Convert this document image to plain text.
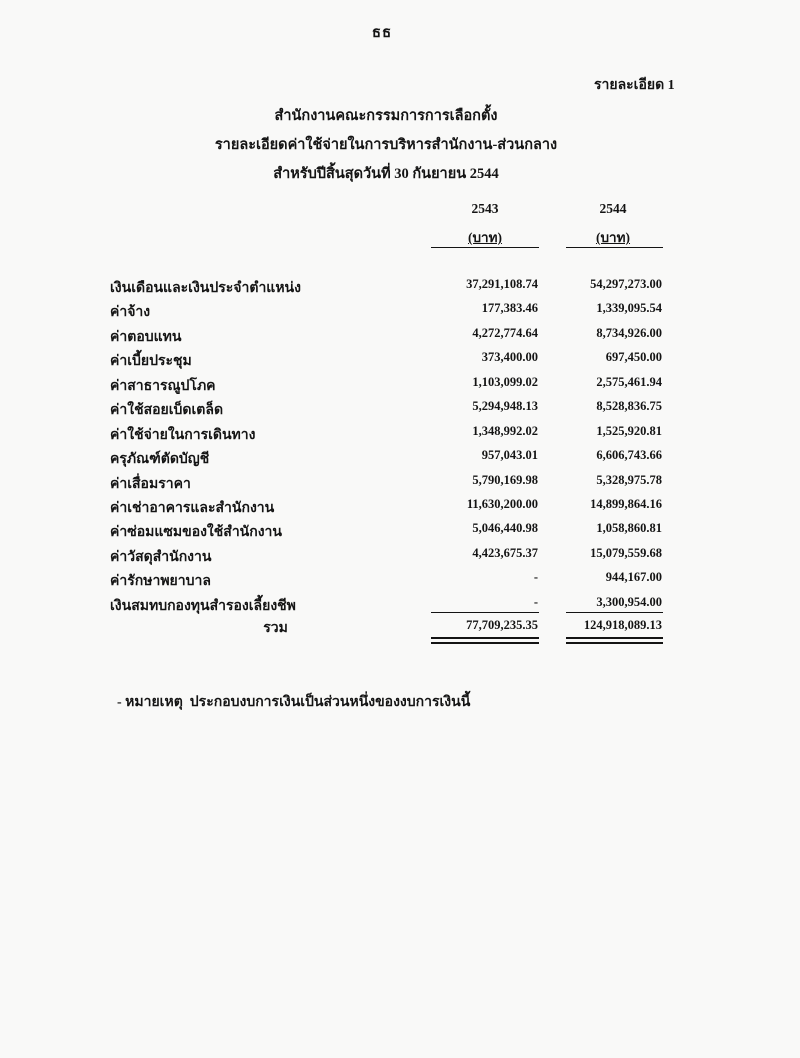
ธธ
รายละเอียด 1
สำนักงานคณะกรรมการการเลือกตั้ง
รายละเอียดค่าใช้จ่ายในการบริหารสำนักงาน-ส่วนกลาง
สำหรับปีสิ้นสุดวันที่ 30 กันยายน 2544
2543	2544
(บาท)	(บาท)
เงินเดือนและเงินประจำตำแหน่ง	37,291,108.74	54,297,273.00
ค่าจ้าง	177,383.46	1,339,095.54
ค่าตอบแทน	4,272,774.64	8,734,926.00
ค่าเบี้ยประชุม	373,400.00	697,450.00
ค่าสาธารณูปโภค	1,103,099.02	2,575,461.94
ค่าใช้สอยเบ็ดเตล็ด	5,294,948.13	8,528,836.75
ค่าใช้จ่ายในการเดินทาง	1,348,992.02	1,525,920.81
ครุภัณฑ์ตัดบัญชี	957,043.01	6,606,743.66
ค่าเสื่อมราคา	5,790,169.98	5,328,975.78
ค่าเช่าอาคารและสำนักงาน	11,630,200.00	14,899,864.16
ค่าซ่อมแซมของใช้สำนักงาน	5,046,440.98	1,058,860.81
ค่าวัสดุสำนักงาน	4,423,675.37	15,079,559.68
ค่ารักษาพยาบาล	-	944,167.00
เงินสมทบกองทุนสำรองเลี้ยงชีพ	-	3,300,954.00
รวม	77,709,235.35	124,918,089.13
- หมายเหตุ  ประกอบงบการเงินเป็นส่วนหนึ่งของงบการเงินนี้
